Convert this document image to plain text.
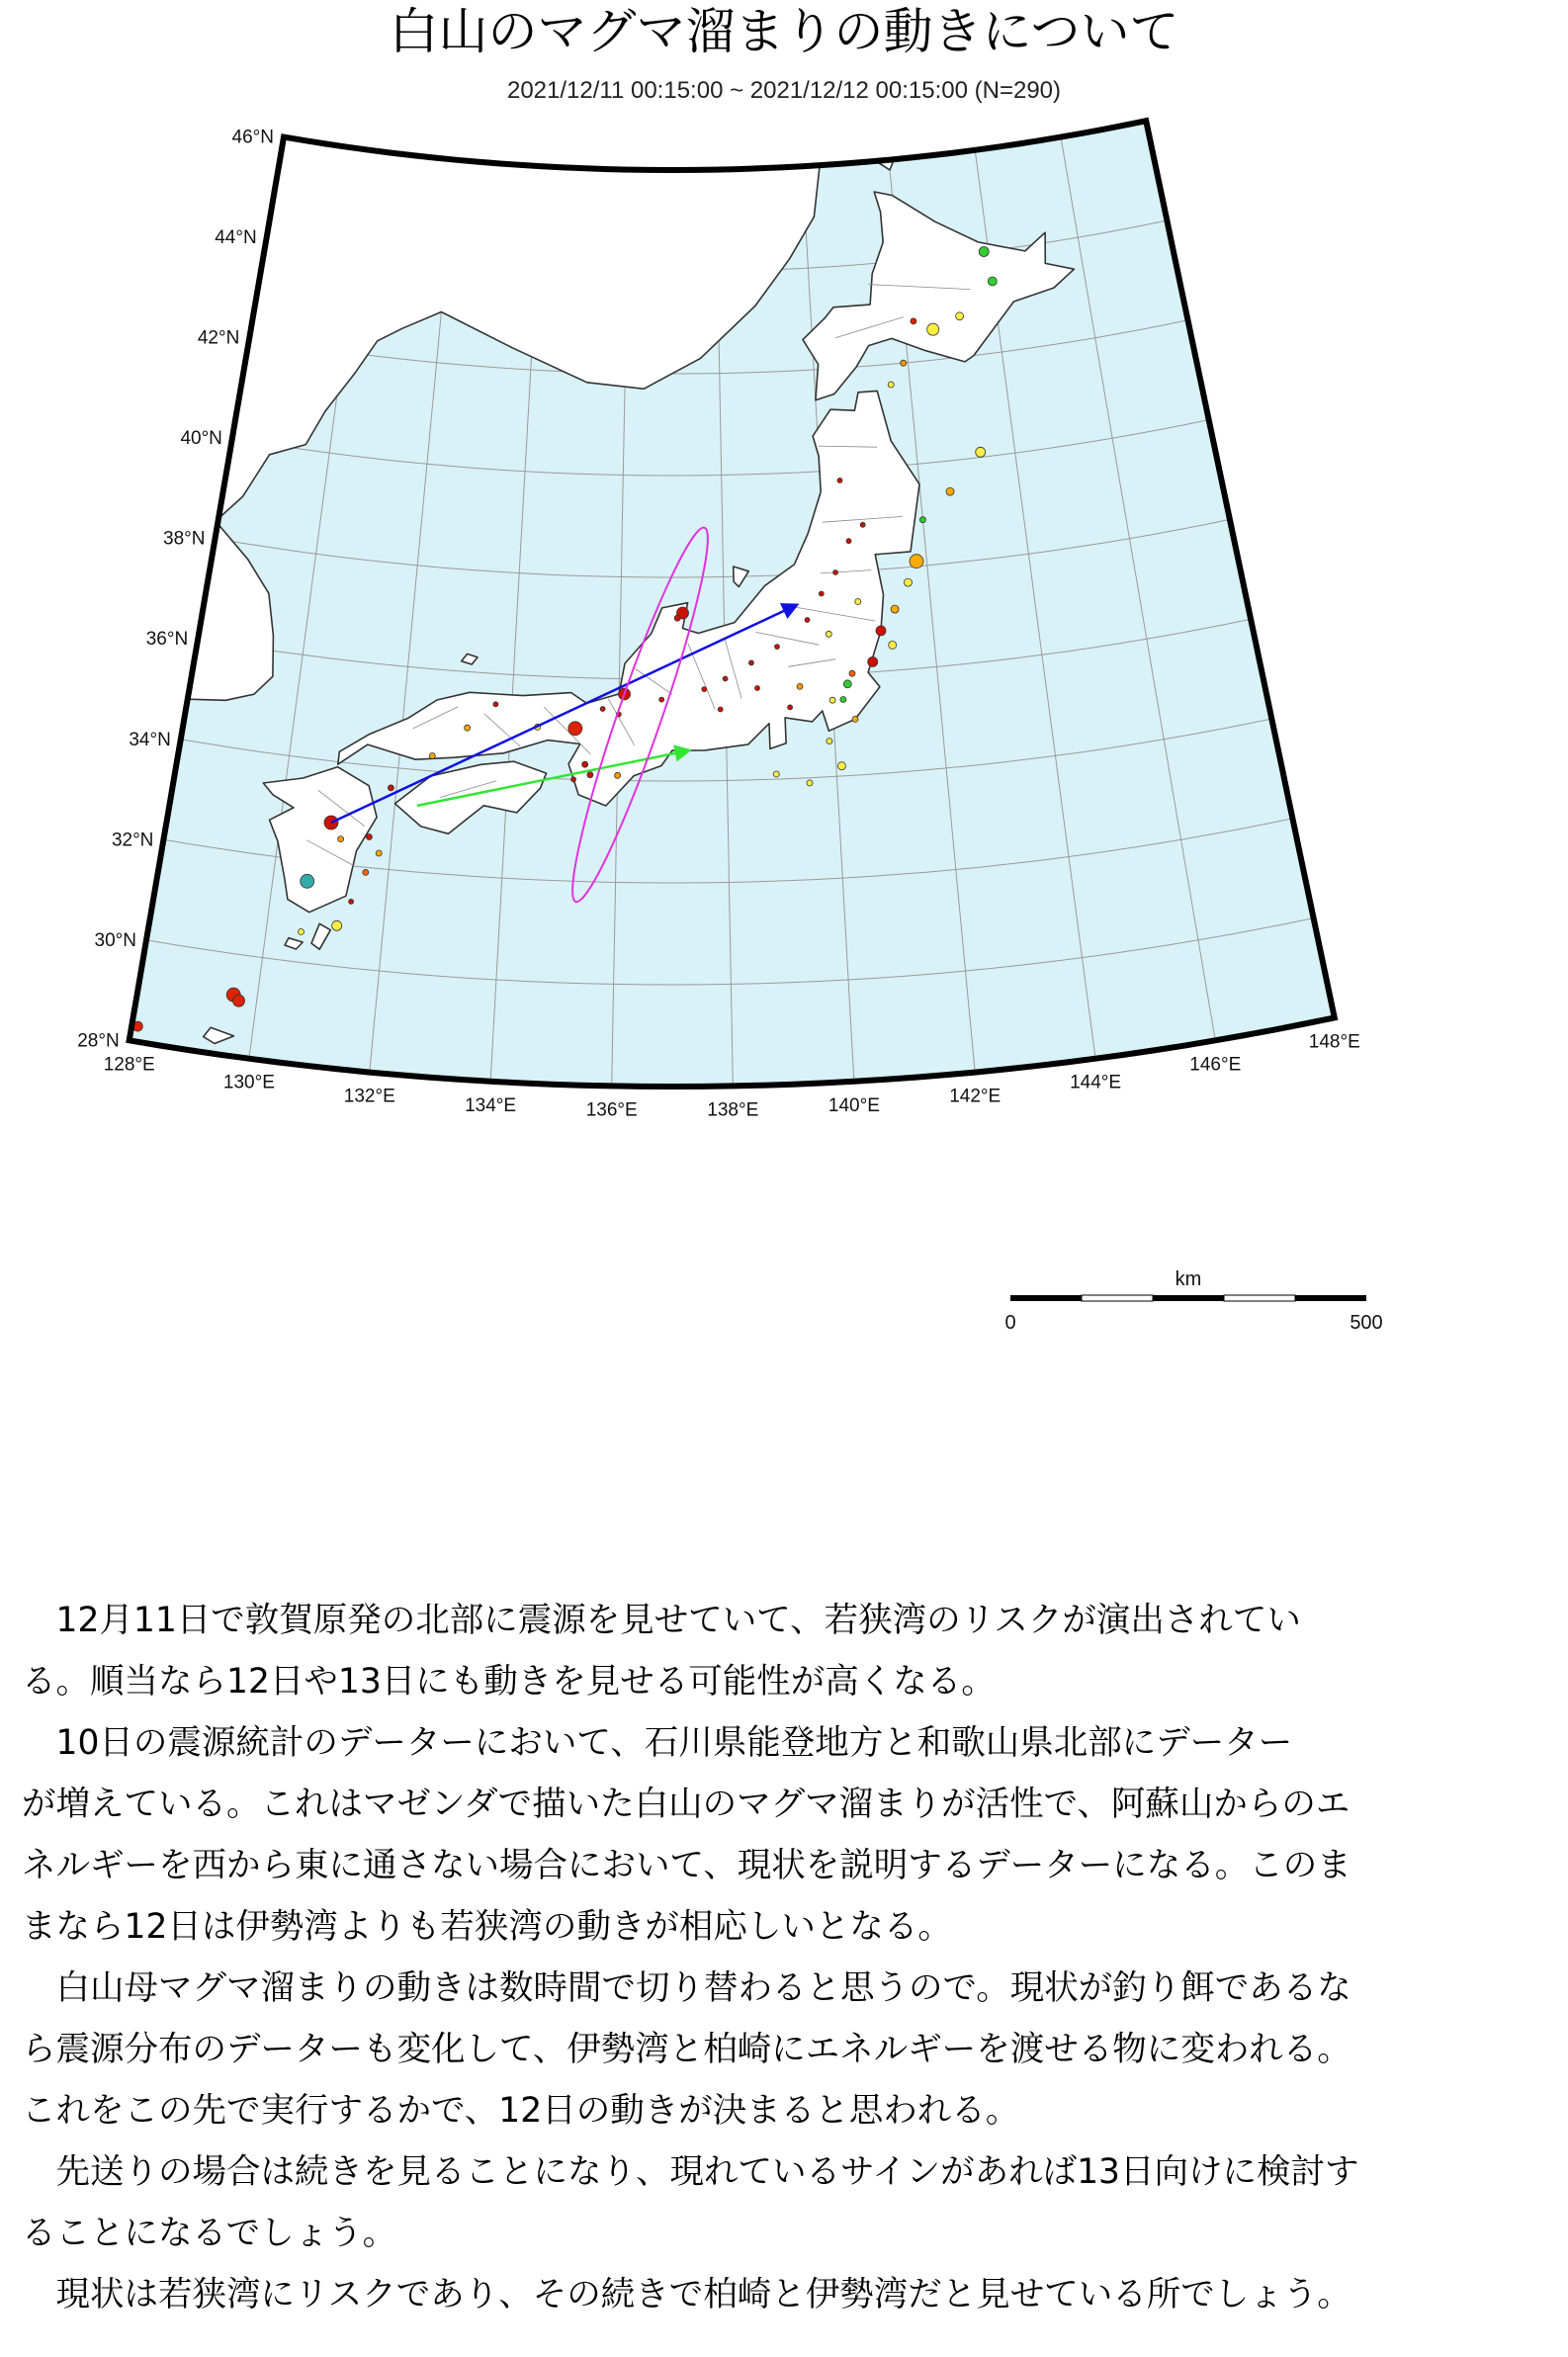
白山のマグマ溜まりの動きについて
2021/12/11 00:15:00 ~ 2021/12/12 00:15:00 (N=290)
46°N
44°N
42°N
40°N
38°N
36°N
34°N
32°N
30°N
28°N
128°E
130°E
132°E	134°E	136°E	138°E	140°E	142°E
144°E
146°E
148°E
km
0	500

　12月11日で敦賀原発の北部に震源を見せていて、若狭湾のリスクが演出されてい

る。順当なら12日や13日にも動きを見せる可能性が高くなる。

　10日の震源統計のデーターにおいて、石川県能登地方と和歌山県北部にデーター

が増えている。これはマゼンダで描いた白山のマグマ溜まりが活性で、阿蘇山からのエ

ネルギーを西から東に通さない場合において、現状を説明するデーターになる。このま

まなら12日は伊勢湾よりも若狭湾の動きが相応しいとなる。

　白山母マグマ溜まりの動きは数時間で切り替わると思うので。現状が釣り餌であるな

ら震源分布のデーターも変化して、伊勢湾と柏崎にエネルギーを渡せる物に変われる。

これをこの先で実行するかで、12日の動きが決まると思われる。

　先送りの場合は続きを見ることになり、現れているサインがあれば13日向けに検討す

ることになるでしょう。

　現状は若狭湾にリスクであり、その続きで柏崎と伊勢湾だと見せている所でしょう。
